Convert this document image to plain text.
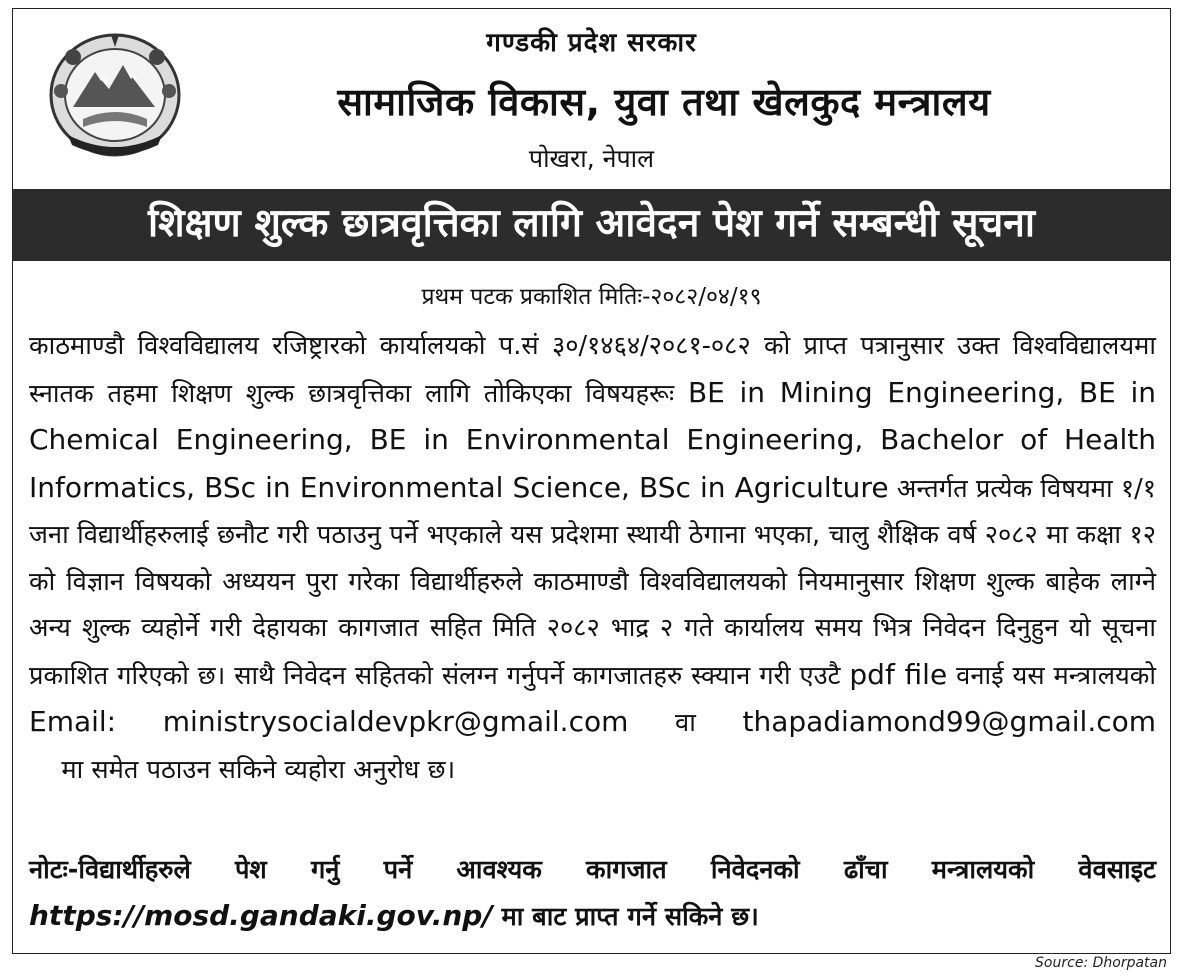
गण्डकी प्रदेश सरकार
सामाजिक विकास, युवा तथा खेलकुद मन्त्रालय
पोखरा, नेपाल
शिक्षण शुल्क छात्रवृत्तिका लागि आवेदन पेश गर्ने सम्बन्धी सूचना
प्रथम पटक प्रकाशित मितिः-२०८२/०४/१९
काठमाण्डौ विश्वविद्यालय रजिष्ट्रारको कार्यालयको प.सं ३०/१४६४/२०८१-०८२ को प्राप्त पत्रानुसार उक्त विश्वविद्यालयमा स्नातक तहमा शिक्षण शुल्क छात्रवृत्तिका लागि तोकिएका विषयहरूः BE in Mining Engineering, BE in Chemical Engineering, BE in Environmental Engineering, Bachelor of Health Informatics, BSc in Environmental Science, BSc in Agriculture अन्तर्गत प्रत्येक विषयमा १/१ जना विद्यार्थीहरुलाई छनौट गरी पठाउनु पर्ने भएकाले यस प्रदेशमा स्थायी ठेगाना भएका, चालु शैक्षिक वर्ष २०८२ मा कक्षा १२ को विज्ञान विषयको अध्ययन पुरा गरेका विद्यार्थीहरुले काठमाण्डौ विश्वविद्यालयको नियमानुसार शिक्षण शुल्क बाहेक लाग्ने अन्य शुल्क व्यहोर्ने गरी देहायका कागजात सहित मिति २०८२ भाद्र २ गते कार्यालय समय भित्र निवेदन दिनुहुन यो सूचना प्रकाशित गरिएको छ। साथै निवेदन सहितको संलग्न गर्नुपर्ने कागजातहरु स्क्यान गरी एउटै pdf file वनाई यस मन्त्रालयको Email: ministrysocialdevpkr@gmail.com वा thapadiamond99@gmail.com    मा समेत पठाउन सकिने व्यहोरा अनुरोध छ।
नोटः-विद्यार्थीहरुले पेश गर्नु पर्ने आवश्यक कागजात निवेदनको ढाँचा मन्त्रालयको वेवसाइट https://mosd.gandaki.gov.np/ मा बाट प्राप्त गर्ने सकिने छ।
Source: Dhorpatan
